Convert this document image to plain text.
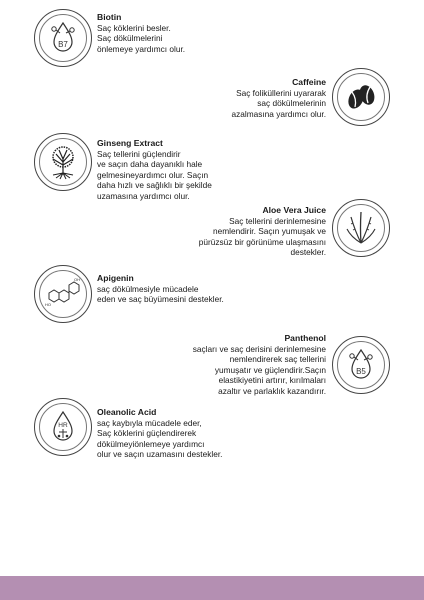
B7
Biotin
Saç köklerini besler.
Saç dökülmelerini
önlemeye yardımcı olur.
Caffeine
Saç foliküllerini uyararak
saç dökülmelerinin
azalmasına yardımcı olur.
Ginseng Extract
Saç tellerini güçlendirir
ve saçın daha dayanıklı hale
gelmesineyardımcı olur. Saçın
daha hızlı ve sağlıklı bir şekilde
uzamasına yardımcı olur.
Aloe Vera Juice
Saç tellerini derinlemesine
nemlendirir. Saçın yumuşak ve
pürüzsüz bir görünüme ulaşmasını
destekler.
HO
OH Apigenin
saç dökülmesiyle mücadele
eden ve saç büyümesini destekler.
Panthenol
saçları ve saç derisini derinlemesine
nemlendirerek saç tellerini
yumuşatır ve güçlendirir.Saçın
elastikiyetini artırır, kırılmaları
azaltır ve parlaklık kazandırır.
B5
HR
Oleanolic Acid
saç kaybıyla mücadele eder,
Saç köklerini güçlendirerek
dökülmeyiönlemeye yardımcı
olur ve saçın uzamasını destekler.
